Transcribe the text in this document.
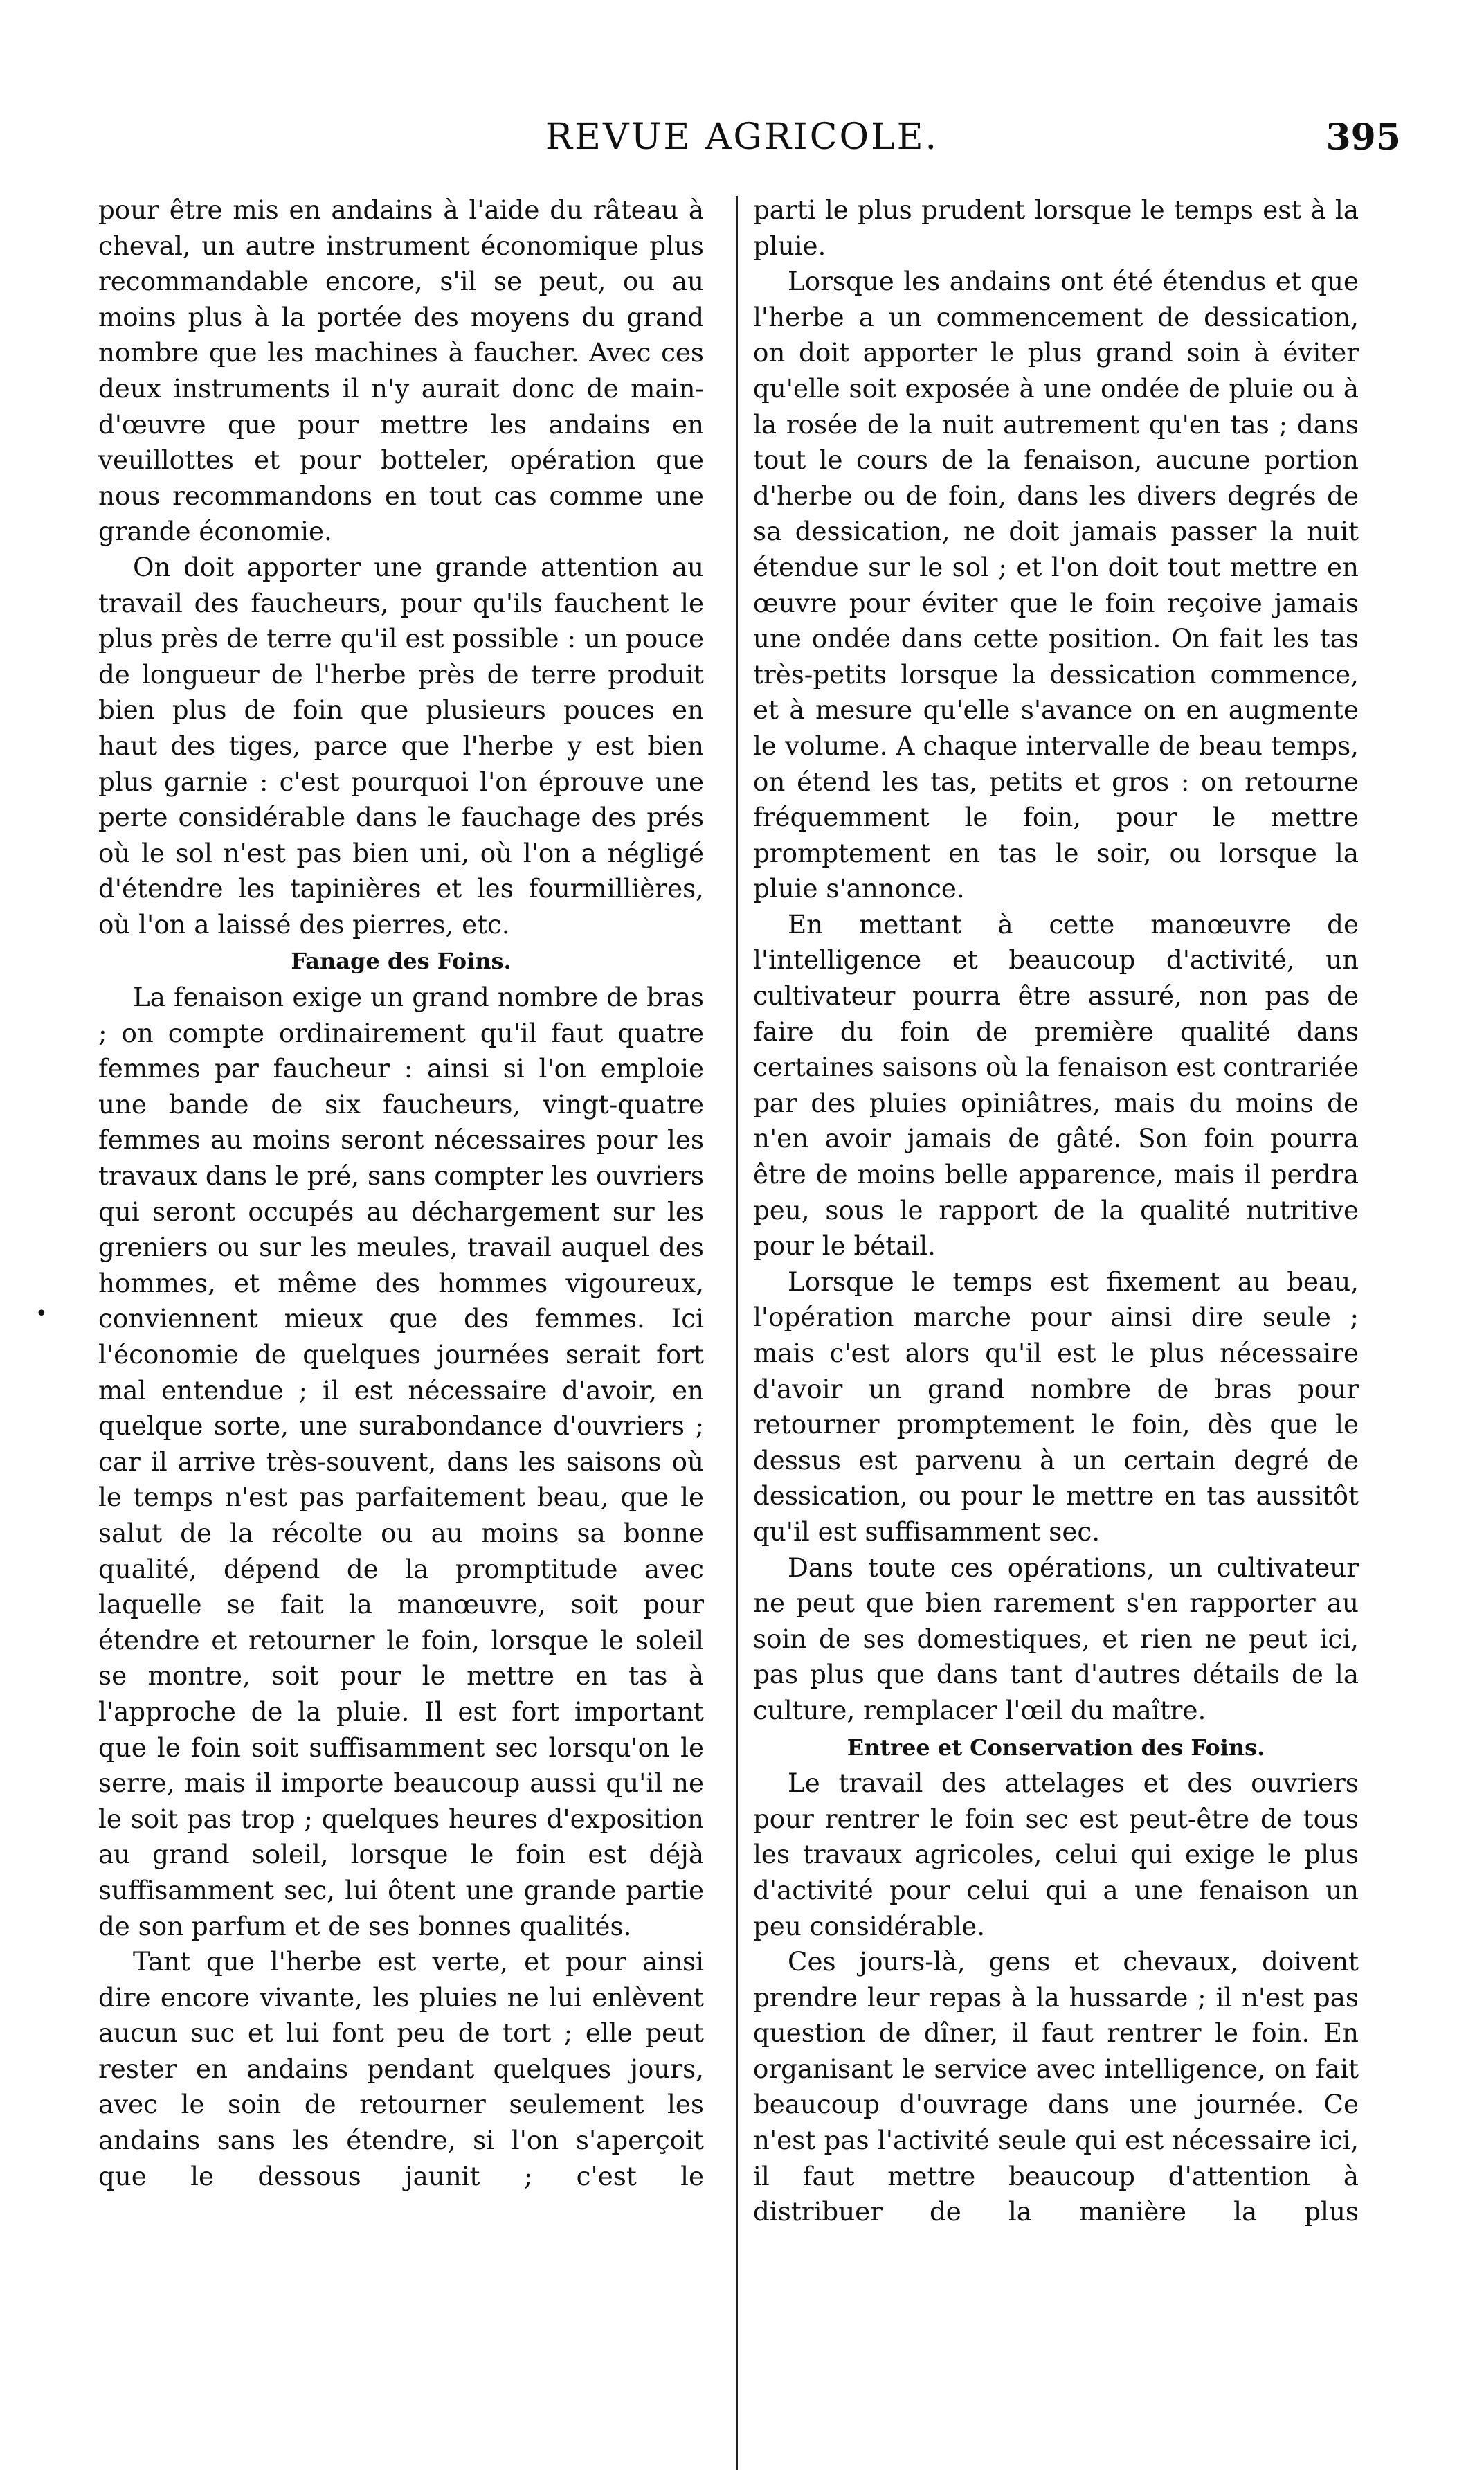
REVUE AGRICOLE.	395
•

pour être mis en andains à l'aide du râteau à cheval, un autre instrument économique plus recommandable encore, s'il se peut, ou au moins plus à la portée des moyens du grand nombre que les machines à faucher. Avec ces deux instruments il n'y aurait donc de main-d'œuvre que pour mettre les andains en veuillottes et pour botteler, opération que nous recommandons en tout cas comme une grande économie.

On doit apporter une grande attention au travail des faucheurs, pour qu'ils fauchent le plus près de terre qu'il est possible : un pouce de longueur de l'herbe près de terre produit bien plus de foin que plusieurs pouces en haut des tiges, parce que l'herbe y est bien plus garnie : c'est pourquoi l'on éprouve une perte considérable dans le fauchage des prés où le sol n'est pas bien uni, où l'on a négligé d'étendre les tapinières et les fourmillières, où l'on a laissé des pierres, etc.

Fanage des Foins.

La fenaison exige un grand nombre de bras ; on compte ordinairement qu'il faut quatre femmes par faucheur : ainsi si l'on emploie une bande de six faucheurs, vingt-quatre femmes au moins seront nécessaires pour les travaux dans le pré, sans compter les ouvriers qui seront occupés au déchargement sur les greniers ou sur les meules, travail auquel des hommes, et même des hommes vigoureux, conviennent mieux que des femmes. Ici l'économie de quelques journées serait fort mal entendue ; il est nécessaire d'avoir, en quelque sorte, une surabondance d'ouvriers ; car il arrive très-souvent, dans les saisons où le temps n'est pas parfaitement beau, que le salut de la récolte ou au moins sa bonne qualité, dépend de la promptitude avec laquelle se fait la manœuvre, soit pour étendre et retourner le foin, lorsque le soleil se montre, soit pour le mettre en tas à l'approche de la pluie. Il est fort important que le foin soit suffisamment sec lorsqu'on le serre, mais il importe beaucoup aussi qu'il ne le soit pas trop ; quelques heures d'exposition au grand soleil, lorsque le foin est déjà suffisamment sec, lui ôtent une grande partie de son parfum et de ses bonnes qualités.

Tant que l'herbe est verte, et pour ainsi dire encore vivante, les pluies ne lui enlèvent aucun suc et lui font peu de tort ; elle peut rester en andains pendant quelques jours, avec le soin de retourner seulement les andains sans les étendre, si l'on s'aperçoit que le dessous jaunit ; c'est le

parti le plus prudent lorsque le temps est à la pluie.

Lorsque les andains ont été étendus et que l'herbe a un commencement de dessication, on doit apporter le plus grand soin à éviter qu'elle soit exposée à une ondée de pluie ou à la rosée de la nuit autrement qu'en tas ; dans tout le cours de la fenaison, aucune portion d'herbe ou de foin, dans les divers degrés de sa dessication, ne doit jamais passer la nuit étendue sur le sol ; et l'on doit tout mettre en œuvre pour éviter que le foin reçoive jamais une ondée dans cette position. On fait les tas très-petits lorsque la dessication commence, et à mesure qu'elle s'avance on en augmente le volume. A chaque intervalle de beau temps, on étend les tas, petits et gros : on retourne fréquemment le foin, pour le mettre promptement en tas le soir, ou lorsque la pluie s'annonce.

En mettant à cette manœuvre de l'intelligence et beaucoup d'activité, un cultivateur pourra être assuré, non pas de faire du foin de première qualité dans certaines saisons où la fenaison est contrariée par des pluies opiniâtres, mais du moins de n'en avoir jamais de gâté. Son foin pourra être de moins belle apparence, mais il perdra peu, sous le rapport de la qualité nutritive pour le bétail.

Lorsque le temps est fixement au beau, l'opération marche pour ainsi dire seule ; mais c'est alors qu'il est le plus nécessaire d'avoir un grand nombre de bras pour retourner promptement le foin, dès que le dessus est parvenu à un certain degré de dessication, ou pour le mettre en tas aussitôt qu'il est suffisamment sec.

Dans toute ces opérations, un cultivateur ne peut que bien rarement s'en rapporter au soin de ses domestiques, et rien ne peut ici, pas plus que dans tant d'autres détails de la culture, remplacer l'œil du maître.

Entree et Conservation des Foins.

Le travail des attelages et des ouvriers pour rentrer le foin sec est peut-être de tous les travaux agricoles, celui qui exige le plus d'activité pour celui qui a une fenaison un peu considérable.

Ces jours-là, gens et chevaux, doivent prendre leur repas à la hussarde ; il n'est pas question de dîner, il faut rentrer le foin. En organisant le service avec intelligence, on fait beaucoup d'ouvrage dans une journée. Ce n'est pas l'activité seule qui est nécessaire ici, il faut mettre beaucoup d'attention à distribuer de la manière la plus
